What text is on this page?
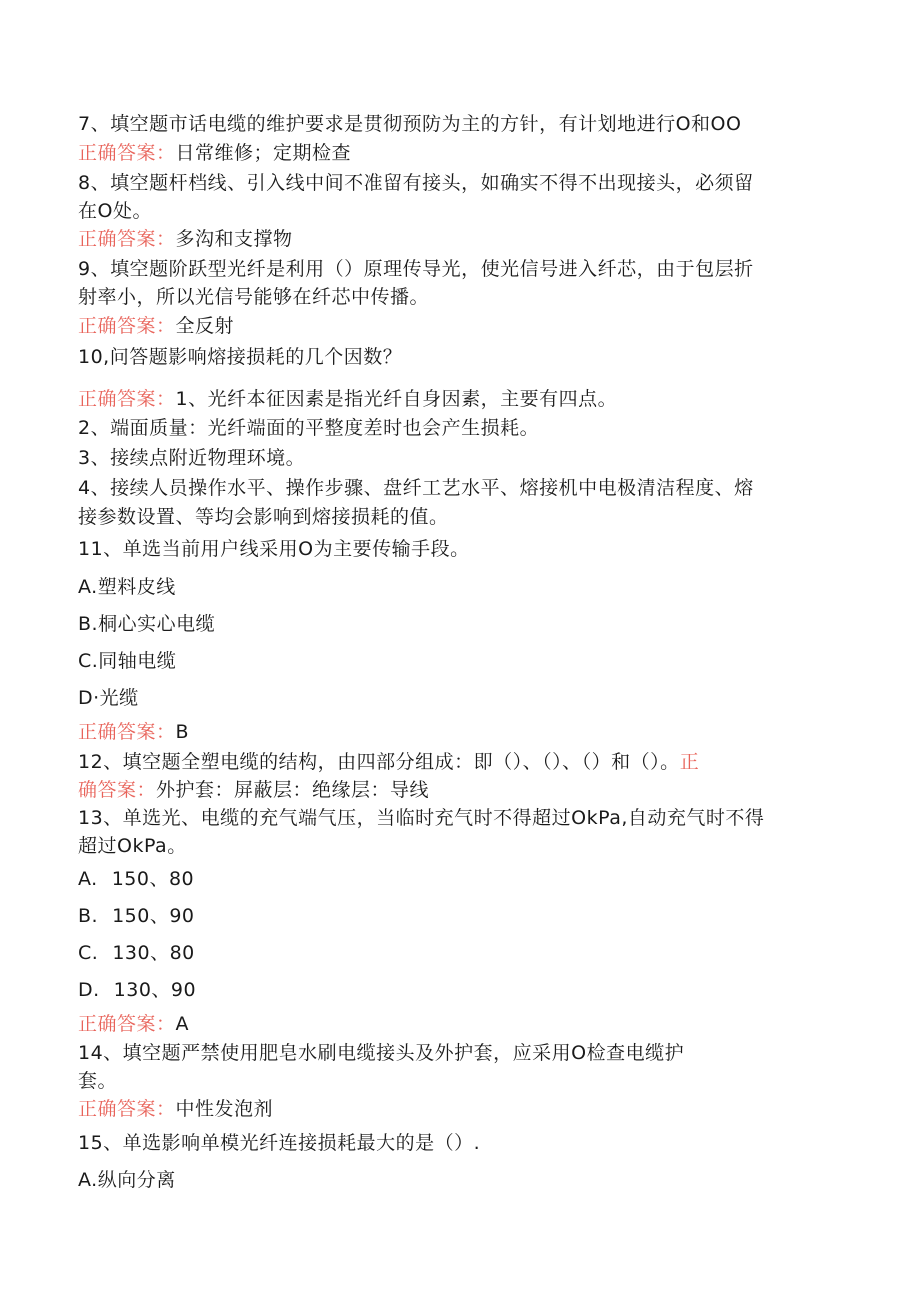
7、填空题市话电缆的维护要求是贯彻预防为主的方针，有计划地进行O和OO
正确答案：日常维修；定期检查
8、填空题杆档线、引入线中间不准留有接头，如确实不得不出现接头，必须留
在O处。
正确答案：多沟和支撑物
9、填空题阶跃型光纤是利用（）原理传导光，使光信号进入纤芯，由于包层折
射率小，所以光信号能够在纤芯中传播。
正确答案：全反射
10,问答题影响熔接损耗的几个因数？
正确答案：1、光纤本征因素是指光纤自身因素，主要有四点。
2、端面质量：光纤端面的平整度差时也会产生损耗。
3、接续点附近物理环境。
4、接续人员操作水平、操作步骤、盘纤工艺水平、熔接机中电极清洁程度、熔
接参数设置、等均会影响到熔接损耗的值。
11、单选当前用户线采用O为主要传输手段。
A.塑料皮线
B.桐心实心电缆
C.同轴电缆
D·光缆
正确答案：B
12、填空题全塑电缆的结构，由四部分组成：即（）、（）、（）和（）。正
确答案：外护套：屏蔽层：绝缘层：导线
13、单选光、电缆的充气端气压，当临时充气时不得超过OkPa,自动充气时不得
超过OkPa。
A. 150、80
B. 150、90
C. 130、80
D. 130、90
正确答案：A
14、填空题严禁使用肥皂水刷电缆接头及外护套，应采用O检查电缆护
套。
正确答案：中性发泡剂
15、单选影响单模光纤连接损耗最大的是（）.
A.纵向分离
